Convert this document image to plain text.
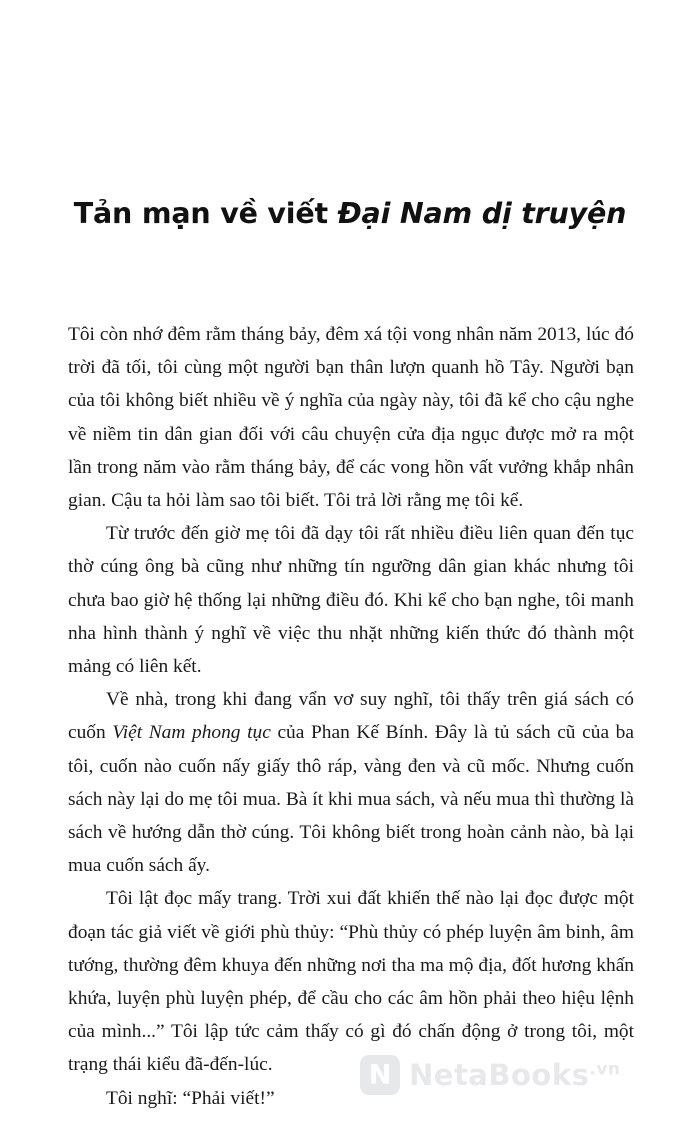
Tản mạn về viết Đại Nam dị truyện

Tôi còn nhớ đêm rằm tháng bảy, đêm xá tội vong nhân năm 2013, lúc đó trời đã tối, tôi cùng một người bạn thân lượn quanh hồ Tây. Người bạn của tôi không biết nhiều về ý nghĩa của ngày này, tôi đã kể cho cậu nghe về niềm tin dân gian đối với câu chuyện cửa địa ngục được mở ra một lần trong năm vào rằm tháng bảy, để các vong hồn vất vưởng khắp nhân gian. Cậu ta hỏi làm sao tôi biết. Tôi trả lời rằng mẹ tôi kể.

Từ trước đến giờ mẹ tôi đã dạy tôi rất nhiều điều liên quan đến tục thờ cúng ông bà cũng như những tín ngưỡng dân gian khác nhưng tôi chưa bao giờ hệ thống lại những điều đó. Khi kể cho bạn nghe, tôi manh nha hình thành ý nghĩ về việc thu nhặt những kiến thức đó thành một mảng có liên kết.

Về nhà, trong khi đang vẩn vơ suy nghĩ, tôi thấy trên giá sách có cuốn Việt Nam phong tục của Phan Kế Bính. Đây là tủ sách cũ của ba tôi, cuốn nào cuốn nấy giấy thô ráp, vàng đen và cũ mốc. Nhưng cuốn sách này lại do mẹ tôi mua. Bà ít khi mua sách, và nếu mua thì thường là sách về hướng dẫn thờ cúng. Tôi không biết trong hoàn cảnh nào, bà lại mua cuốn sách ấy.

Tôi lật đọc mấy trang. Trời xui đất khiến thế nào lại đọc được một đoạn tác giả viết về giới phù thủy: “Phù thủy có phép luyện âm binh, âm tướng, thường đêm khuya đến những nơi tha ma mộ địa, đốt hương khấn khứa, luyện phù luyện phép, để cầu cho các âm hồn phải theo hiệu lệnh của mình...” Tôi lập tức cảm thấy có gì đó chấn động ở trong tôi, một trạng thái kiểu đã-đến-lúc.

Tôi nghĩ: “Phải viết!”

N
NetaBooks$^{.vn}$
